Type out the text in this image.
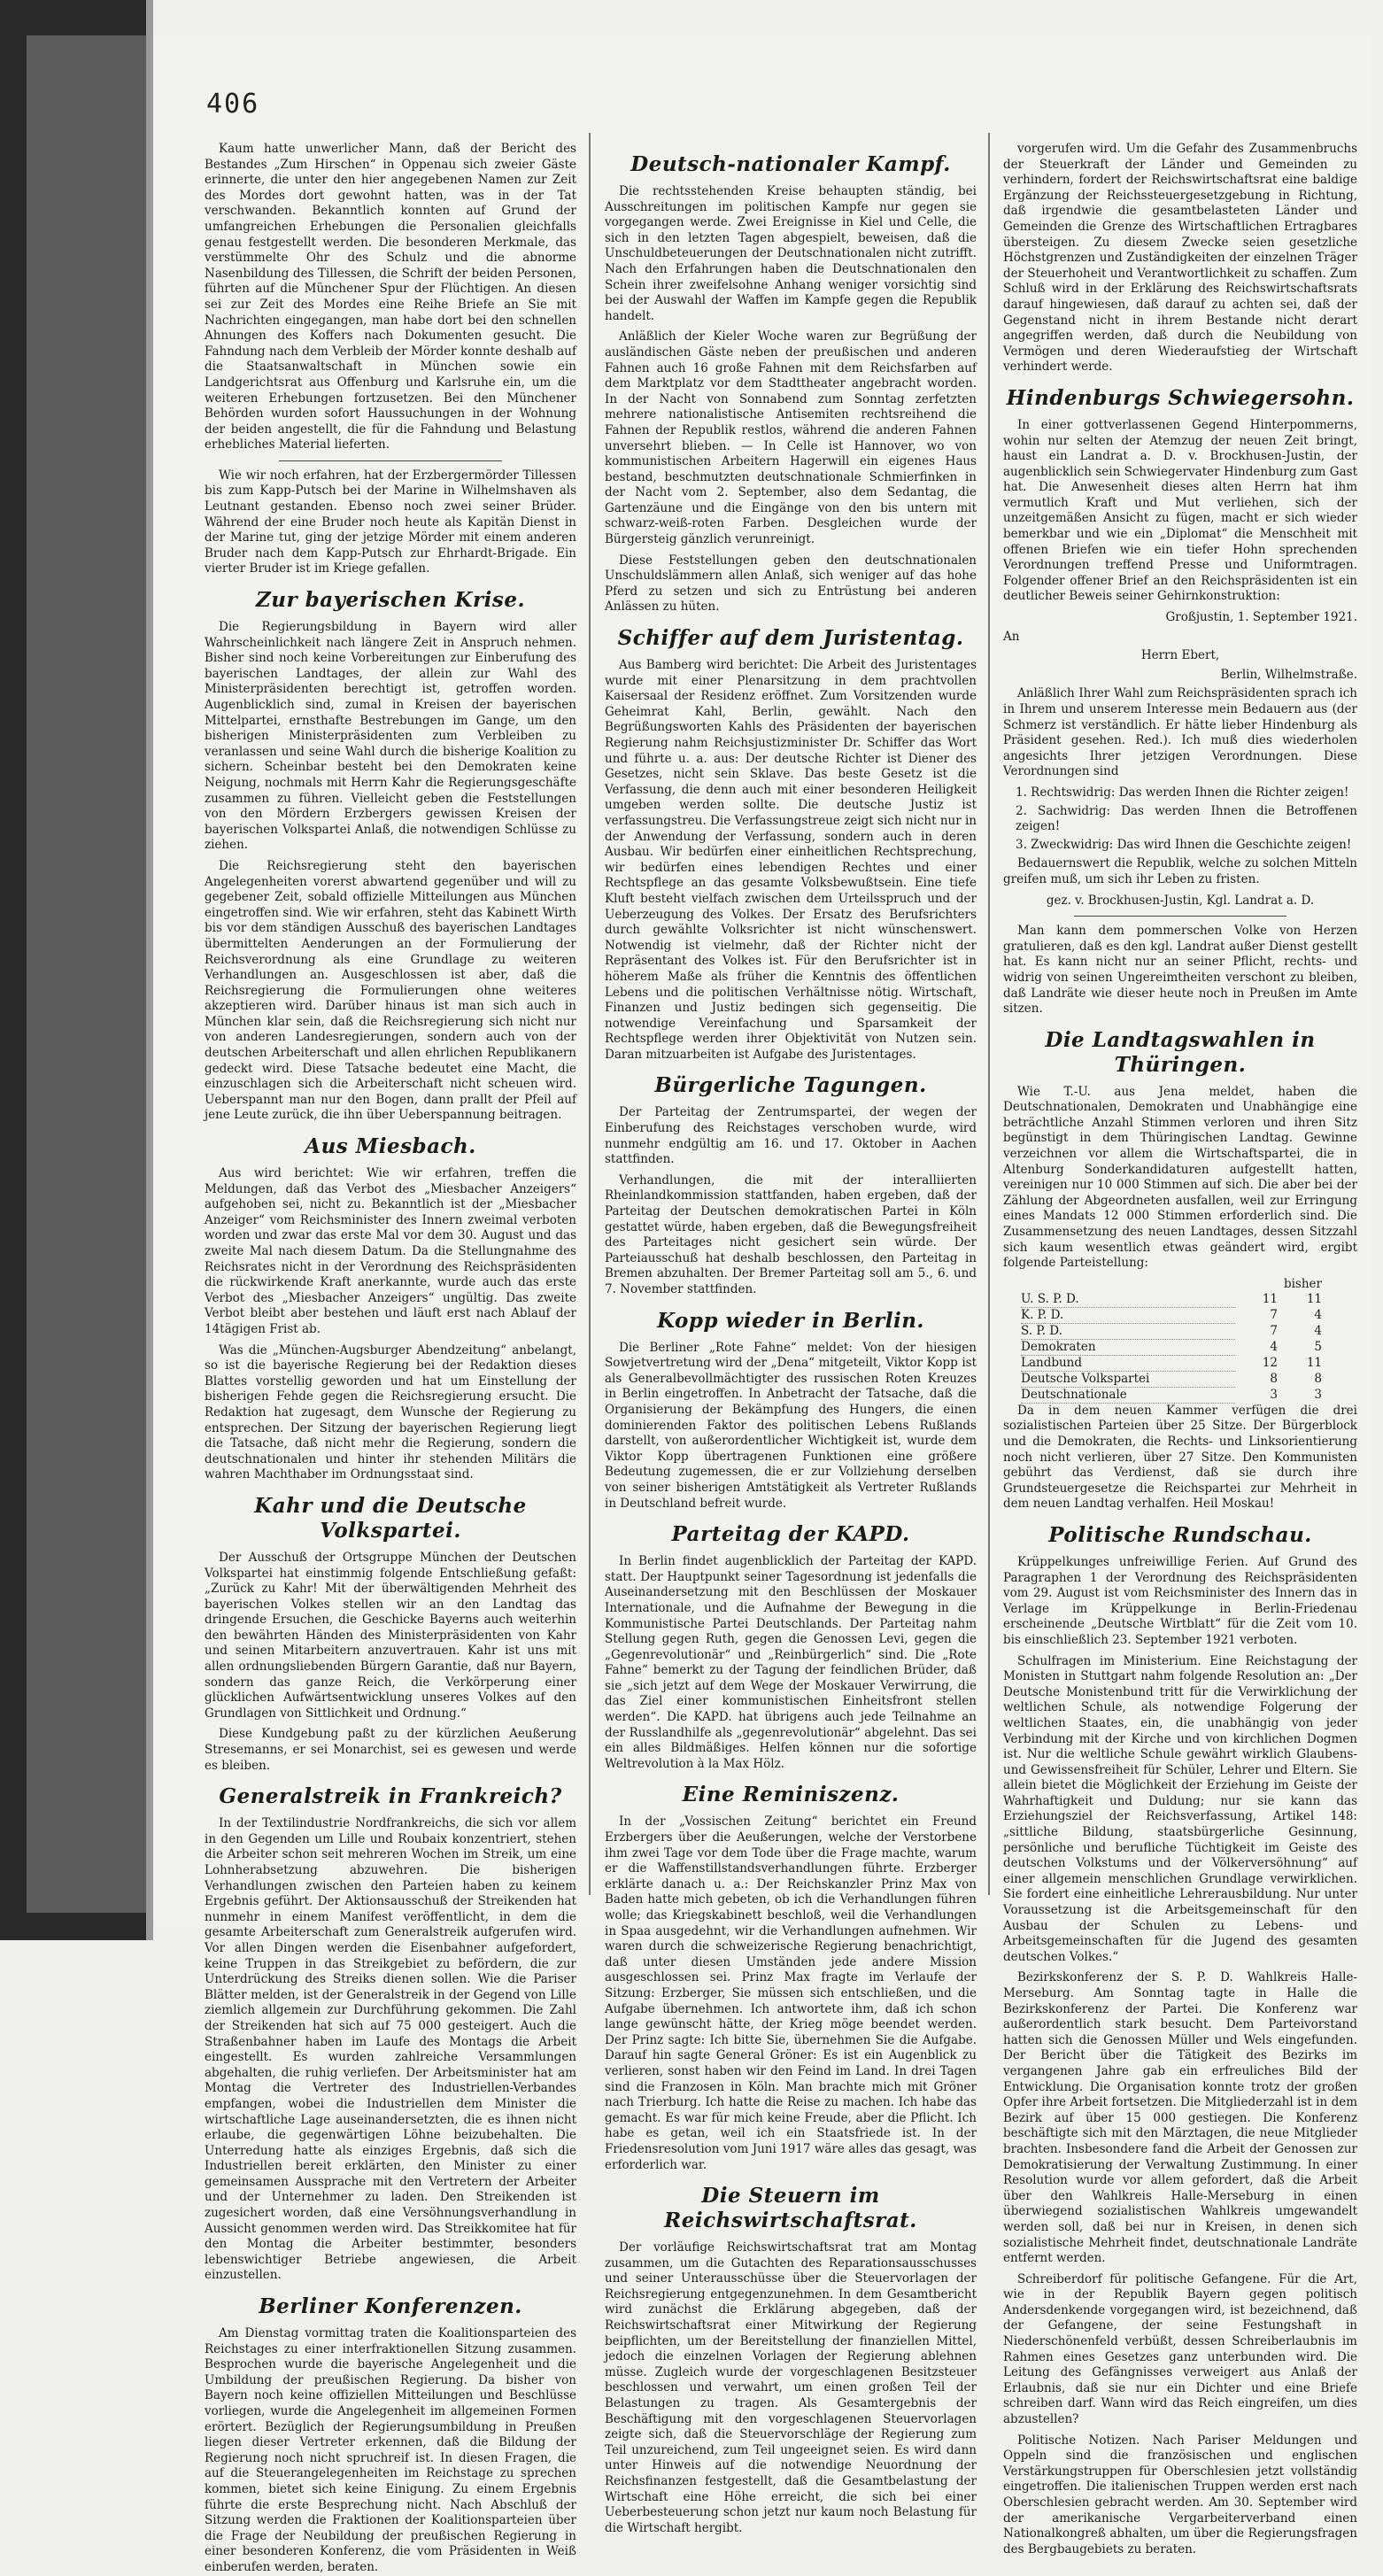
406

Kaum hatte unwerlicher Mann, daß der Bericht des Bestandes „Zum Hirschen“ in Oppenau sich zweier Gäste erinnerte, die unter den hier angegebenen Namen zur Zeit des Mordes dort gewohnt hatten, was in der Tat verschwanden. Bekanntlich konnten auf Grund der umfangreichen Erhebungen die Personalien gleichfalls genau festgestellt werden. Die besonderen Merkmale, das verstümmelte Ohr des Schulz und die abnorme Nasenbildung des Tillessen, die Schrift der beiden Personen, führten auf die Münchener Spur der Flüchtigen. An diesen sei zur Zeit des Mordes eine Reihe Briefe an Sie mit Nachrichten eingegangen, man habe dort bei den schnellen Ahnungen des Koffers nach Dokumenten gesucht. Die Fahndung nach dem Verbleib der Mörder konnte deshalb auf die Staatsanwaltschaft in München sowie ein Landgerichtsrat aus Offenburg und Karlsruhe ein, um die weiteren Erhebungen fortzusetzen. Bei den Münchener Behörden wurden sofort Haussuchungen in der Wohnung der beiden angestellt, die für die Fahndung und Belastung erhebliches Material lieferten.

Wie wir noch erfahren, hat der Erzbergermörder Tillessen bis zum Kapp-Putsch bei der Marine in Wilhelmshaven als Leutnant gestanden. Ebenso noch zwei seiner Brüder. Während der eine Bruder noch heute als Kapitän Dienst in der Marine tut, ging der jetzige Mörder mit einem anderen Bruder nach dem Kapp-Putsch zur Ehrhardt-Brigade. Ein vierter Bruder ist im Kriege gefallen.

Zur bayerischen Krise.

Die Regierungsbildung in Bayern wird aller Wahrscheinlichkeit nach längere Zeit in Anspruch nehmen. Bisher sind noch keine Vorbereitungen zur Einberufung des bayerischen Landtages, der allein zur Wahl des Ministerpräsidenten berechtigt ist, getroffen worden. Augenblicklich sind, zumal in Kreisen der bayerischen Mittelpartei, ernsthafte Bestrebungen im Gange, um den bisherigen Ministerpräsidenten zum Verbleiben zu veranlassen und seine Wahl durch die bisherige Koalition zu sichern. Scheinbar besteht bei den Demokraten keine Neigung, nochmals mit Herrn Kahr die Regierungsgeschäfte zusammen zu führen. Vielleicht geben die Feststellungen von den Mördern Erzbergers gewissen Kreisen der bayerischen Volkspartei Anlaß, die notwendigen Schlüsse zu ziehen.

Die Reichsregierung steht den bayerischen Angelegenheiten vorerst abwartend gegenüber und will zu gegebener Zeit, sobald offizielle Mitteilungen aus München eingetroffen sind. Wie wir erfahren, steht das Kabinett Wirth bis vor dem ständigen Ausschuß des bayerischen Landtages übermittelten Aenderungen an der Formulierung der Reichsverordnung als eine Grundlage zu weiteren Verhandlungen an. Ausgeschlossen ist aber, daß die Reichsregierung die Formulierungen ohne weiteres akzeptieren wird. Darüber hinaus ist man sich auch in München klar sein, daß die Reichsregierung sich nicht nur von anderen Landesregierungen, sondern auch von der deutschen Arbeiterschaft und allen ehrlichen Republikanern gedeckt wird. Diese Tatsache bedeutet eine Macht, die einzuschlagen sich die Arbeiterschaft nicht scheuen wird. Ueberspannt man nur den Bogen, dann prallt der Pfeil auf jene Leute zurück, die ihn über Ueberspannung beitragen.

Aus Miesbach.

Aus wird berichtet: Wie wir erfahren, treffen die Meldungen, daß das Verbot des „Miesbacher Anzeigers“ aufgehoben sei, nicht zu. Bekanntlich ist der „Miesbacher Anzeiger“ vom Reichsminister des Innern zweimal verboten worden und zwar das erste Mal vor dem 30. August und das zweite Mal nach diesem Datum. Da die Stellungnahme des Reichsrates nicht in der Verordnung des Reichspräsidenten die rückwirkende Kraft anerkannte, wurde auch das erste Verbot des „Miesbacher Anzeigers“ ungültig. Das zweite Verbot bleibt aber bestehen und läuft erst nach Ablauf der 14tägigen Frist ab.

Was die „München-Augsburger Abendzeitung“ anbelangt, so ist die bayerische Regierung bei der Redaktion dieses Blattes vorstellig geworden und hat um Einstellung der bisherigen Fehde gegen die Reichsregierung ersucht. Die Redaktion hat zugesagt, dem Wunsche der Regierung zu entsprechen. Der Sitzung der bayerischen Regierung liegt die Tatsache, daß nicht mehr die Regierung, sondern die deutschnationalen und hinter ihr stehenden Militärs die wahren Machthaber im Ordnungsstaat sind.

Kahr und die Deutsche Volkspartei.

Der Ausschuß der Ortsgruppe München der Deutschen Volkspartei hat einstimmig folgende Entschließung gefaßt: „Zurück zu Kahr! Mit der überwältigenden Mehrheit des bayerischen Volkes stellen wir an den Landtag das dringende Ersuchen, die Geschicke Bayerns auch weiterhin den bewährten Händen des Ministerpräsidenten von Kahr und seinen Mitarbeitern anzuvertrauen. Kahr ist uns mit allen ordnungsliebenden Bürgern Garantie, daß nur Bayern, sondern das ganze Reich, die Verkörperung einer glücklichen Aufwärtsentwicklung unseres Volkes auf den Grundlagen von Sittlichkeit und Ordnung.“

Diese Kundgebung paßt zu der kürzlichen Aeußerung Stresemanns, er sei Monarchist, sei es gewesen und werde es bleiben.

Generalstreik in Frankreich?

In der Textilindustrie Nordfrankreichs, die sich vor allem in den Gegenden um Lille und Roubaix konzentriert, stehen die Arbeiter schon seit mehreren Wochen im Streik, um eine Lohnherabsetzung abzuwehren. Die bisherigen Verhandlungen zwischen den Parteien haben zu keinem Ergebnis geführt. Der Aktionsausschuß der Streikenden hat nunmehr in einem Manifest veröffentlicht, in dem die gesamte Arbeiterschaft zum Generalstreik aufgerufen wird. Vor allen Dingen werden die Eisenbahner aufgefordert, keine Truppen in das Streikgebiet zu befördern, die zur Unterdrückung des Streiks dienen sollen. Wie die Pariser Blätter melden, ist der Generalstreik in der Gegend von Lille ziemlich allgemein zur Durchführung gekommen. Die Zahl der Streikenden hat sich auf 75 000 gesteigert. Auch die Straßenbahner haben im Laufe des Montags die Arbeit eingestellt. Es wurden zahlreiche Versammlungen abgehalten, die ruhig verliefen. Der Arbeitsminister hat am Montag die Vertreter des Industriellen-Verbandes empfangen, wobei die Industriellen dem Minister die wirtschaftliche Lage auseinandersetzten, die es ihnen nicht erlaube, die gegenwärtigen Löhne beizubehalten. Die Unterredung hatte als einziges Ergebnis, daß sich die Industriellen bereit erklärten, den Minister zu einer gemeinsamen Aussprache mit den Vertretern der Arbeiter und der Unternehmer zu laden. Den Streikenden ist zugesichert worden, daß eine Versöhnungsverhandlung in Aussicht genommen werden wird. Das Streikkomitee hat für den Montag die Arbeiter bestimmter, besonders lebenswichtiger Betriebe angewiesen, die Arbeit einzustellen.

Berliner Konferenzen.

Am Dienstag vormittag traten die Koalitionsparteien des Reichstages zu einer interfraktionellen Sitzung zusammen. Besprochen wurde die bayerische Angelegenheit und die Umbildung der preußischen Regierung. Da bisher von Bayern noch keine offiziellen Mitteilungen und Beschlüsse vorliegen, wurde die Angelegenheit im allgemeinen Formen erörtert. Bezüglich der Regierungsumbildung in Preußen liegen dieser Vertreter erkennen, daß die Bildung der Regierung noch nicht spruchreif ist. In diesen Fragen, die auf die Steuerangelegenheiten im Reichstage zu sprechen kommen, bietet sich keine Einigung. Zu einem Ergebnis führte die erste Besprechung nicht. Nach Abschluß der Sitzung werden die Fraktionen der Koalitionsparteien über die Frage der Neubildung der preußischen Regierung in einer besonderen Konferenz, die vom Präsidenten in Weiß einberufen werden, beraten.

Deutsch-nationaler Kampf.

Die rechtsstehenden Kreise behaupten ständig, bei Ausschreitungen im politischen Kampfe nur gegen sie vorgegangen werde. Zwei Ereignisse in Kiel und Celle, die sich in den letzten Tagen abgespielt, beweisen, daß die Unschuldbeteuerungen der Deutschnationalen nicht zutrifft. Nach den Erfahrungen haben die Deutschnationalen den Schein ihrer zweifelsohne Anhang weniger vorsichtig sind bei der Auswahl der Waffen im Kampfe gegen die Republik handelt.

Anläßlich der Kieler Woche waren zur Begrüßung der ausländischen Gäste neben der preußischen und anderen Fahnen auch 16 große Fahnen mit dem Reichsfarben auf dem Marktplatz vor dem Stadttheater angebracht worden. In der Nacht von Sonnabend zum Sonntag zerfetzten mehrere nationalistische Antisemiten rechtsreihend die Fahnen der Republik restlos, während die anderen Fahnen unversehrt blieben. — In Celle ist Hannover, wo von kommunistischen Arbeitern Hagerwill ein eigenes Haus bestand, beschmutzten deutschnationale Schmierfinken in der Nacht vom 2. September, also dem Sedantag, die Gartenzäune und die Eingänge von den bis untern mit schwarz-weiß-roten Farben. Desgleichen wurde der Bürgersteig gänzlich verunreinigt.

Diese Feststellungen geben den deutschnationalen Unschuldslämmern allen Anlaß, sich weniger auf das hohe Pferd zu setzen und sich zu Entrüstung bei anderen Anlässen zu hüten.

Schiffer auf dem Juristentag.

Aus Bamberg wird berichtet: Die Arbeit des Juristentages wurde mit einer Plenarsitzung in dem prachtvollen Kaisersaal der Residenz eröffnet. Zum Vorsitzenden wurde Geheimrat Kahl, Berlin, gewählt. Nach den Begrüßungsworten Kahls des Präsidenten der bayerischen Regierung nahm Reichsjustizminister Dr. Schiffer das Wort und führte u. a. aus: Der deutsche Richter ist Diener des Gesetzes, nicht sein Sklave. Das beste Gesetz ist die Verfassung, die denn auch mit einer besonderen Heiligkeit umgeben werden sollte. Die deutsche Justiz ist verfassungstreu. Die Verfassungstreue zeigt sich nicht nur in der Anwendung der Verfassung, sondern auch in deren Ausbau. Wir bedürfen einer einheitlichen Rechtsprechung, wir bedürfen eines lebendigen Rechtes und einer Rechtspflege an das gesamte Volksbewußtsein. Eine tiefe Kluft besteht vielfach zwischen dem Urteilsspruch und der Ueberzeugung des Volkes. Der Ersatz des Berufsrichters durch gewählte Volksrichter ist nicht wünschenswert. Notwendig ist vielmehr, daß der Richter nicht der Repräsentant des Volkes ist. Für den Berufsrichter ist in höherem Maße als früher die Kenntnis des öffentlichen Lebens und die politischen Verhältnisse nötig. Wirtschaft, Finanzen und Justiz bedingen sich gegenseitig. Die notwendige Vereinfachung und Sparsamkeit der Rechtspflege werden ihrer Objektivität von Nutzen sein. Daran mitzuarbeiten ist Aufgabe des Juristentages.

Bürgerliche Tagungen.

Der Parteitag der Zentrumspartei, der wegen der Einberufung des Reichstages verschoben wurde, wird nunmehr endgültig am 16. und 17. Oktober in Aachen stattfinden.

Verhandlungen, die mit der interalliierten Rheinlandkommission stattfanden, haben ergeben, daß der Parteitag der Deutschen demokratischen Partei in Köln gestattet würde, haben ergeben, daß die Bewegungsfreiheit des Parteitages nicht gesichert sein würde. Der Parteiausschuß hat deshalb beschlossen, den Parteitag in Bremen abzuhalten. Der Bremer Parteitag soll am 5., 6. und 7. November stattfinden.

Kopp wieder in Berlin.

Die Berliner „Rote Fahne“ meldet: Von der hiesigen Sowjetvertretung wird der „Dena“ mitgeteilt, Viktor Kopp ist als Generalbevollmächtigter des russischen Roten Kreuzes in Berlin eingetroffen. In Anbetracht der Tatsache, daß die Organisierung der Bekämpfung des Hungers, die einen dominierenden Faktor des politischen Lebens Rußlands darstellt, von außerordentlicher Wichtigkeit ist, wurde dem Viktor Kopp übertragenen Funktionen eine größere Bedeutung zugemessen, die er zur Vollziehung derselben von seiner bisherigen Amtstätigkeit als Vertreter Rußlands in Deutschland befreit wurde.

Parteitag der KAPD.

In Berlin findet augenblicklich der Parteitag der KAPD. statt. Der Hauptpunkt seiner Tagesordnung ist jedenfalls die Auseinandersetzung mit den Beschlüssen der Moskauer Internationale, und die Aufnahme der Bewegung in die Kommunistische Partei Deutschlands. Der Parteitag nahm Stellung gegen Ruth, gegen die Genossen Levi, gegen die „Gegenrevolutionär“ und „Reinbürgerlich“ sind. Die „Rote Fahne“ bemerkt zu der Tagung der feindlichen Brüder, daß sie „sich jetzt auf dem Wege der Moskauer Verwirrung, die das Ziel einer kommunistischen Einheitsfront stellen werden“. Die KAPD. hat übrigens auch jede Teilnahme an der Russlandhilfe als „gegenrevolutionär“ abgelehnt. Das sei ein alles Bildmäßiges. Helfen können nur die sofortige Weltrevolution à la Max Hölz.

Eine Reminiszenz.

In der „Vossischen Zeitung“ berichtet ein Freund Erzbergers über die Aeußerungen, welche der Verstorbene ihm zwei Tage vor dem Tode über die Frage machte, warum er die Waffenstillstandsverhandlungen führte. Erzberger erklärte danach u. a.: Der Reichskanzler Prinz Max von Baden hatte mich gebeten, ob ich die Verhandlungen führen wolle; das Kriegskabinett beschloß, weil die Verhandlungen in Spaa ausgedehnt, wir die Verhandlungen aufnehmen. Wir waren durch die schweizerische Regierung benachrichtigt, daß unter diesen Umständen jede andere Mission ausgeschlossen sei. Prinz Max fragte im Verlaufe der Sitzung: Erzberger, Sie müssen sich entschließen, und die Aufgabe übernehmen. Ich antwortete ihm, daß ich schon lange gewünscht hätte, der Krieg möge beendet werden. Der Prinz sagte: Ich bitte Sie, übernehmen Sie die Aufgabe. Darauf hin sagte General Gröner: Es ist ein Augenblick zu verlieren, sonst haben wir den Feind im Land. In drei Tagen sind die Franzosen in Köln. Man brachte mich mit Gröner nach Trierburg. Ich hatte die Reise zu machen. Ich habe das gemacht. Es war für mich keine Freude, aber die Pflicht. Ich habe es getan, weil ich ein Staatsfriede ist. In der Friedensresolution vom Juni 1917 wäre alles das gesagt, was erforderlich war.

Die Steuern im Reichswirtschaftsrat.

Der vorläufige Reichswirtschaftsrat trat am Montag zusammen, um die Gutachten des Reparationsausschusses und seiner Unterausschüsse über die Steuervorlagen der Reichsregierung entgegenzunehmen. In dem Gesamtbericht wird zunächst die Erklärung abgegeben, daß der Reichswirtschaftsrat einer Mitwirkung der Regierung beipflichten, um der Bereitstellung der finanziellen Mittel, jedoch die einzelnen Vorlagen der Regierung ablehnen müsse. Zugleich wurde der vorgeschlagenen Besitzsteuer beschlossen und verwahrt, um einen großen Teil der Belastungen zu tragen. Als Gesamtergebnis der Beschäftigung mit den vorgeschlagenen Steuervorlagen zeigte sich, daß die Steuervorschläge der Regierung zum Teil unzureichend, zum Teil ungeeignet seien. Es wird dann unter Hinweis auf die notwendige Neuordnung der Reichsfinanzen festgestellt, daß die Gesamtbelastung der Wirtschaft eine Höhe erreicht, die sich bei einer Ueberbesteuerung schon jetzt nur kaum noch Belastung für die Wirtschaft hergibt.

vorgerufen wird. Um die Gefahr des Zusammenbruchs der Steuerkraft der Länder und Gemeinden zu verhindern, fordert der Reichswirtschaftsrat eine baldige Ergänzung der Reichssteuergesetzgebung in Richtung, daß irgendwie die gesamtbelasteten Länder und Gemeinden die Grenze des Wirtschaftlichen Ertragbares übersteigen. Zu diesem Zwecke seien gesetzliche Höchstgrenzen und Zuständigkeiten der einzelnen Träger der Steuerhoheit und Verantwortlichkeit zu schaffen. Zum Schluß wird in der Erklärung des Reichswirtschaftsrats darauf hingewiesen, daß darauf zu achten sei, daß der Gegenstand nicht in ihrem Bestande nicht derart angegriffen werden, daß durch die Neubildung von Vermögen und deren Wiederaufstieg der Wirtschaft verhindert werde.

Hindenburgs Schwiegersohn.

In einer gottverlassenen Gegend Hinterpommerns, wohin nur selten der Atemzug der neuen Zeit bringt, haust ein Landrat a. D. v. Brockhusen-Justin, der augenblicklich sein Schwiegervater Hindenburg zum Gast hat. Die Anwesenheit dieses alten Herrn hat ihm vermutlich Kraft und Mut verliehen, sich der unzeitgemäßen Ansicht zu fügen, macht er sich wieder bemerkbar und wie ein „Diplomat“ die Menschheit mit offenen Briefen wie ein tiefer Hohn sprechenden Verordnungen treffend Presse und Uniformtragen. Folgender offener Brief an den Reichspräsidenten ist ein deutlicher Beweis seiner Gehirnkonstruktion:

Großjustin, 1. September 1921.
An
Herrn Ebert,
Berlin, Wilhelmstraße.

Anläßlich Ihrer Wahl zum Reichspräsidenten sprach ich in Ihrem und unserem Interesse mein Bedauern aus (der Schmerz ist verständlich. Er hätte lieber Hindenburg als Präsident gesehen. Red.). Ich muß dies wiederholen angesichts Ihrer jetzigen Verordnungen. Diese Verordnungen sind

1. Rechtswidrig: Das werden Ihnen die Richter zeigen!
2. Sachwidrig: Das werden Ihnen die Betroffenen zeigen!
3. Zweckwidrig: Das wird Ihnen die Geschichte zeigen!

Bedauernswert die Republik, welche zu solchen Mitteln greifen muß, um sich ihr Leben zu fristen.

gez. v. Brockhusen-Justin, Kgl. Landrat a. D.

Man kann dem pommerschen Volke von Herzen gratulieren, daß es den kgl. Landrat außer Dienst gestellt hat. Es kann nicht nur an seiner Pflicht, rechts- und widrig von seinen Ungereimtheiten verschont zu bleiben, daß Landräte wie dieser heute noch in Preußen im Amte sitzen.

Die Landtagswahlen in Thüringen.

Wie T.-U. aus Jena meldet, haben die Deutschnationalen, Demokraten und Unabhängige eine beträchtliche Anzahl Stimmen verloren und ihren Sitz begünstigt in dem Thüringischen Landtag. Gewinne verzeichnen vor allem die Wirtschaftspartei, die in Altenburg Sonderkandidaturen aufgestellt hatten, vereinigen nur 10 000 Stimmen auf sich. Die aber bei der Zählung der Abgeordneten ausfallen, weil zur Erringung eines Mandats 12 000 Stimmen erforderlich sind. Die Zusammensetzung des neuen Landtages, dessen Sitzzahl sich kaum wesentlich etwas geändert wird, ergibt folgende Parteistellung:

bisher
U. S. P. D.	11	11
K. P. D.	7	4
S. P. D.	7	4
Demokraten	4	5
Landbund	12	11
Deutsche Volkspartei	8	8
Deutschnationale	3	3

Da in dem neuen Kammer verfügen die drei sozialistischen Parteien über 25 Sitze. Der Bürgerblock und die Demokraten, die Rechts- und Linksorientierung noch nicht verlieren, über 27 Sitze. Den Kommunisten gebührt das Verdienst, daß sie durch ihre Grundsteuergesetze die Reichspartei zur Mehrheit in dem neuen Landtag verhalfen. Heil Moskau!

Politische Rundschau.

Krüppelkunges unfreiwillige Ferien. Auf Grund des Paragraphen 1 der Verordnung des Reichspräsidenten vom 29. August ist vom Reichsminister des Innern das in Verlage im Krüppelkunge in Berlin-Friedenau erscheinende „Deutsche Wirtblatt“ für die Zeit vom 10. bis einschließlich 23. September 1921 verboten.

Schulfragen im Ministerium. Eine Reichstagung der Monisten in Stuttgart nahm folgende Resolution an: „Der Deutsche Monistenbund tritt für die Verwirklichung der weltlichen Schule, als notwendige Folgerung der weltlichen Staates, ein, die unabhängig von jeder Verbindung mit der Kirche und von kirchlichen Dogmen ist. Nur die weltliche Schule gewährt wirklich Glaubens- und Gewissensfreiheit für Schüler, Lehrer und Eltern. Sie allein bietet die Möglichkeit der Erziehung im Geiste der Wahrhaftigkeit und Duldung; nur sie kann das Erziehungsziel der Reichsverfassung, Artikel 148: „sittliche Bildung, staatsbürgerliche Gesinnung, persönliche und berufliche Tüchtigkeit im Geiste des deutschen Volkstums und der Völkerversöhnung“ auf einer allgemein menschlichen Grundlage verwirklichen. Sie fordert eine einheitliche Lehrerausbildung. Nur unter Voraussetzung ist die Arbeitsgemeinschaft für den Ausbau der Schulen zu Lebens- und Arbeitsgemeinschaften für die Jugend des gesamten deutschen Volkes.“

Bezirkskonferenz der S. P. D. Wahlkreis Halle-Merseburg. Am Sonntag tagte in Halle die Bezirkskonferenz der Partei. Die Konferenz war außerordentlich stark besucht. Dem Parteivorstand hatten sich die Genossen Müller und Wels eingefunden. Der Bericht über die Tätigkeit des Bezirks im vergangenen Jahre gab ein erfreuliches Bild der Entwicklung. Die Organisation konnte trotz der großen Opfer ihre Arbeit fortsetzen. Die Mitgliederzahl ist in dem Bezirk auf über 15 000 gestiegen. Die Konferenz beschäftigte sich mit den Märztagen, die neue Mitglieder brachten. Insbesondere fand die Arbeit der Genossen zur Demokratisierung der Verwaltung Zustimmung. In einer Resolution wurde vor allem gefordert, daß die Arbeit über den Wahlkreis Halle-Merseburg in einen überwiegend sozialistischen Wahlkreis umgewandelt werden soll, daß bei nur in Kreisen, in denen sich sozialistische Mehrheit findet, deutschnationale Landräte entfernt werden.

Schreiberdorf für politische Gefangene. Für die Art, wie in der Republik Bayern gegen politisch Andersdenkende vorgegangen wird, ist bezeichnend, daß der Gefangene, der seine Festungshaft in Niederschönenfeld verbüßt, dessen Schreiberlaubnis im Rahmen eines Gesetzes ganz unterbunden wird. Die Leitung des Gefängnisses verweigert aus Anlaß der Erlaubnis, daß sie nur ein Dichter und eine Briefe schreiben darf. Wann wird das Reich eingreifen, um dies abzustellen?

Politische Notizen. Nach Pariser Meldungen und Oppeln sind die französischen und englischen Verstärkungstruppen für Oberschlesien jetzt vollständig eingetroffen. Die italienischen Truppen werden erst nach Oberschlesien gebracht werden. Am 30. September wird der amerikanische Vergarbeiterverband einen Nationalkongreß abhalten, um über die Regierungsfragen des Bergbaugebiets zu beraten.
